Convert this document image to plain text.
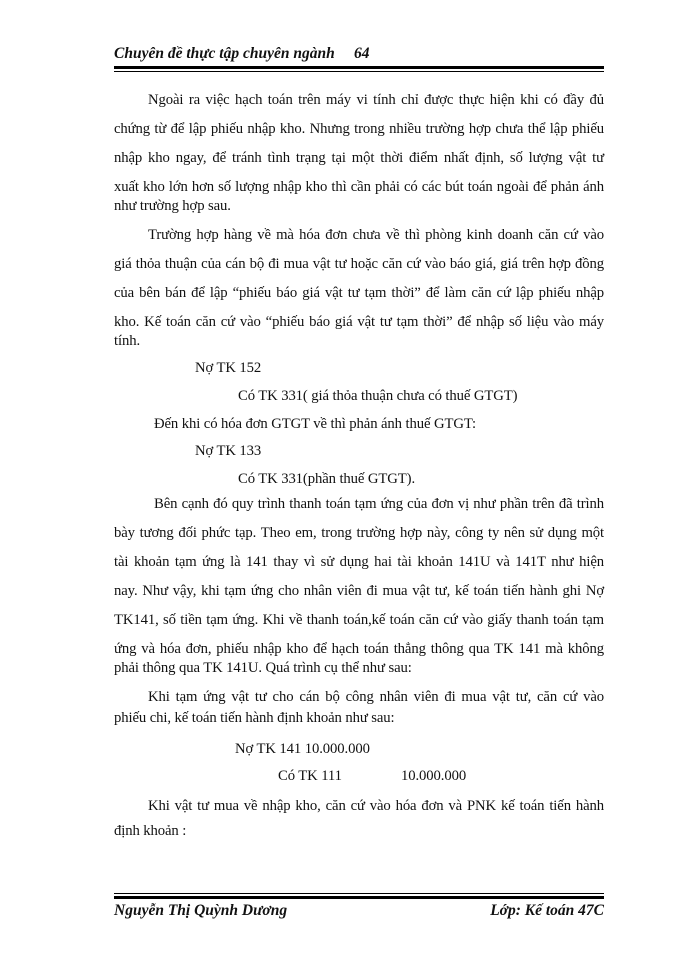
Chuyên đề thực tập chuyên ngành 64
Ngoài ra việc hạch toán trên máy vi tính chỉ được thực hiện khi có đầy đủ
chứng từ để lập phiếu nhập kho. Nhưng trong nhiều trường hợp chưa thể lập phiếu
nhập kho ngay, để tránh tình trạng tại một thời điểm nhất định, số lượng vật tư
xuất kho lớn hơn số lượng nhập kho thì cần phải có các bút toán ngoài để phản ánh
như trường hợp sau.
Trường hợp hàng về mà hóa đơn chưa về thì phòng kinh doanh căn cứ vào
giá thỏa thuận của cán bộ đi mua vật tư hoặc căn cứ vào báo giá, giá trên hợp đồng
của bên bán để lập “phiếu báo giá vật tư tạm thời” để làm căn cứ lập phiếu nhập
kho. Kế toán căn cứ vào “phiếu báo giá vật tư tạm thời” để nhập số liệu vào máy
tính.
Nợ TK 152
Có TK 331( giá thỏa thuận chưa có thuế GTGT)
Đến khi có hóa đơn GTGT về thì phản ánh thuế GTGT:
Nợ TK 133
Có TK 331(phần thuế GTGT).
Bên cạnh đó quy trình thanh toán tạm ứng của đơn vị như phần trên đã trình
bày tương đối phức tạp. Theo em, trong trường hợp này, công ty nên sử dụng một
tài khoản tạm ứng là 141 thay vì sử dụng hai tài khoản 141U và 141T như hiện
nay. Như vậy, khi tạm ứng cho nhân viên đi mua vật tư, kế toán tiến hành ghi Nợ
TK141, số tiền tạm ứng. Khi về thanh toán,kế toán căn cứ vào giấy thanh toán tạm
ứng và hóa đơn, phiếu nhập kho để hạch toán thẳng thông qua TK 141 mà không
phải thông qua TK 141U. Quá trình cụ thể như sau:
Khi tạm ứng vật tư cho cán bộ công nhân viên đi mua vật tư, căn cứ vào
phiếu chi, kế toán tiến hành định khoản như sau:
Nợ TK 141 10.000.000
Có TK 111	10.000.000
Khi vật tư mua về nhập kho, căn cứ vào hóa đơn và PNK kế toán tiến hành
định khoản :
Nguyễn Thị Quỳnh Dương	Lớp: Kế toán 47C
